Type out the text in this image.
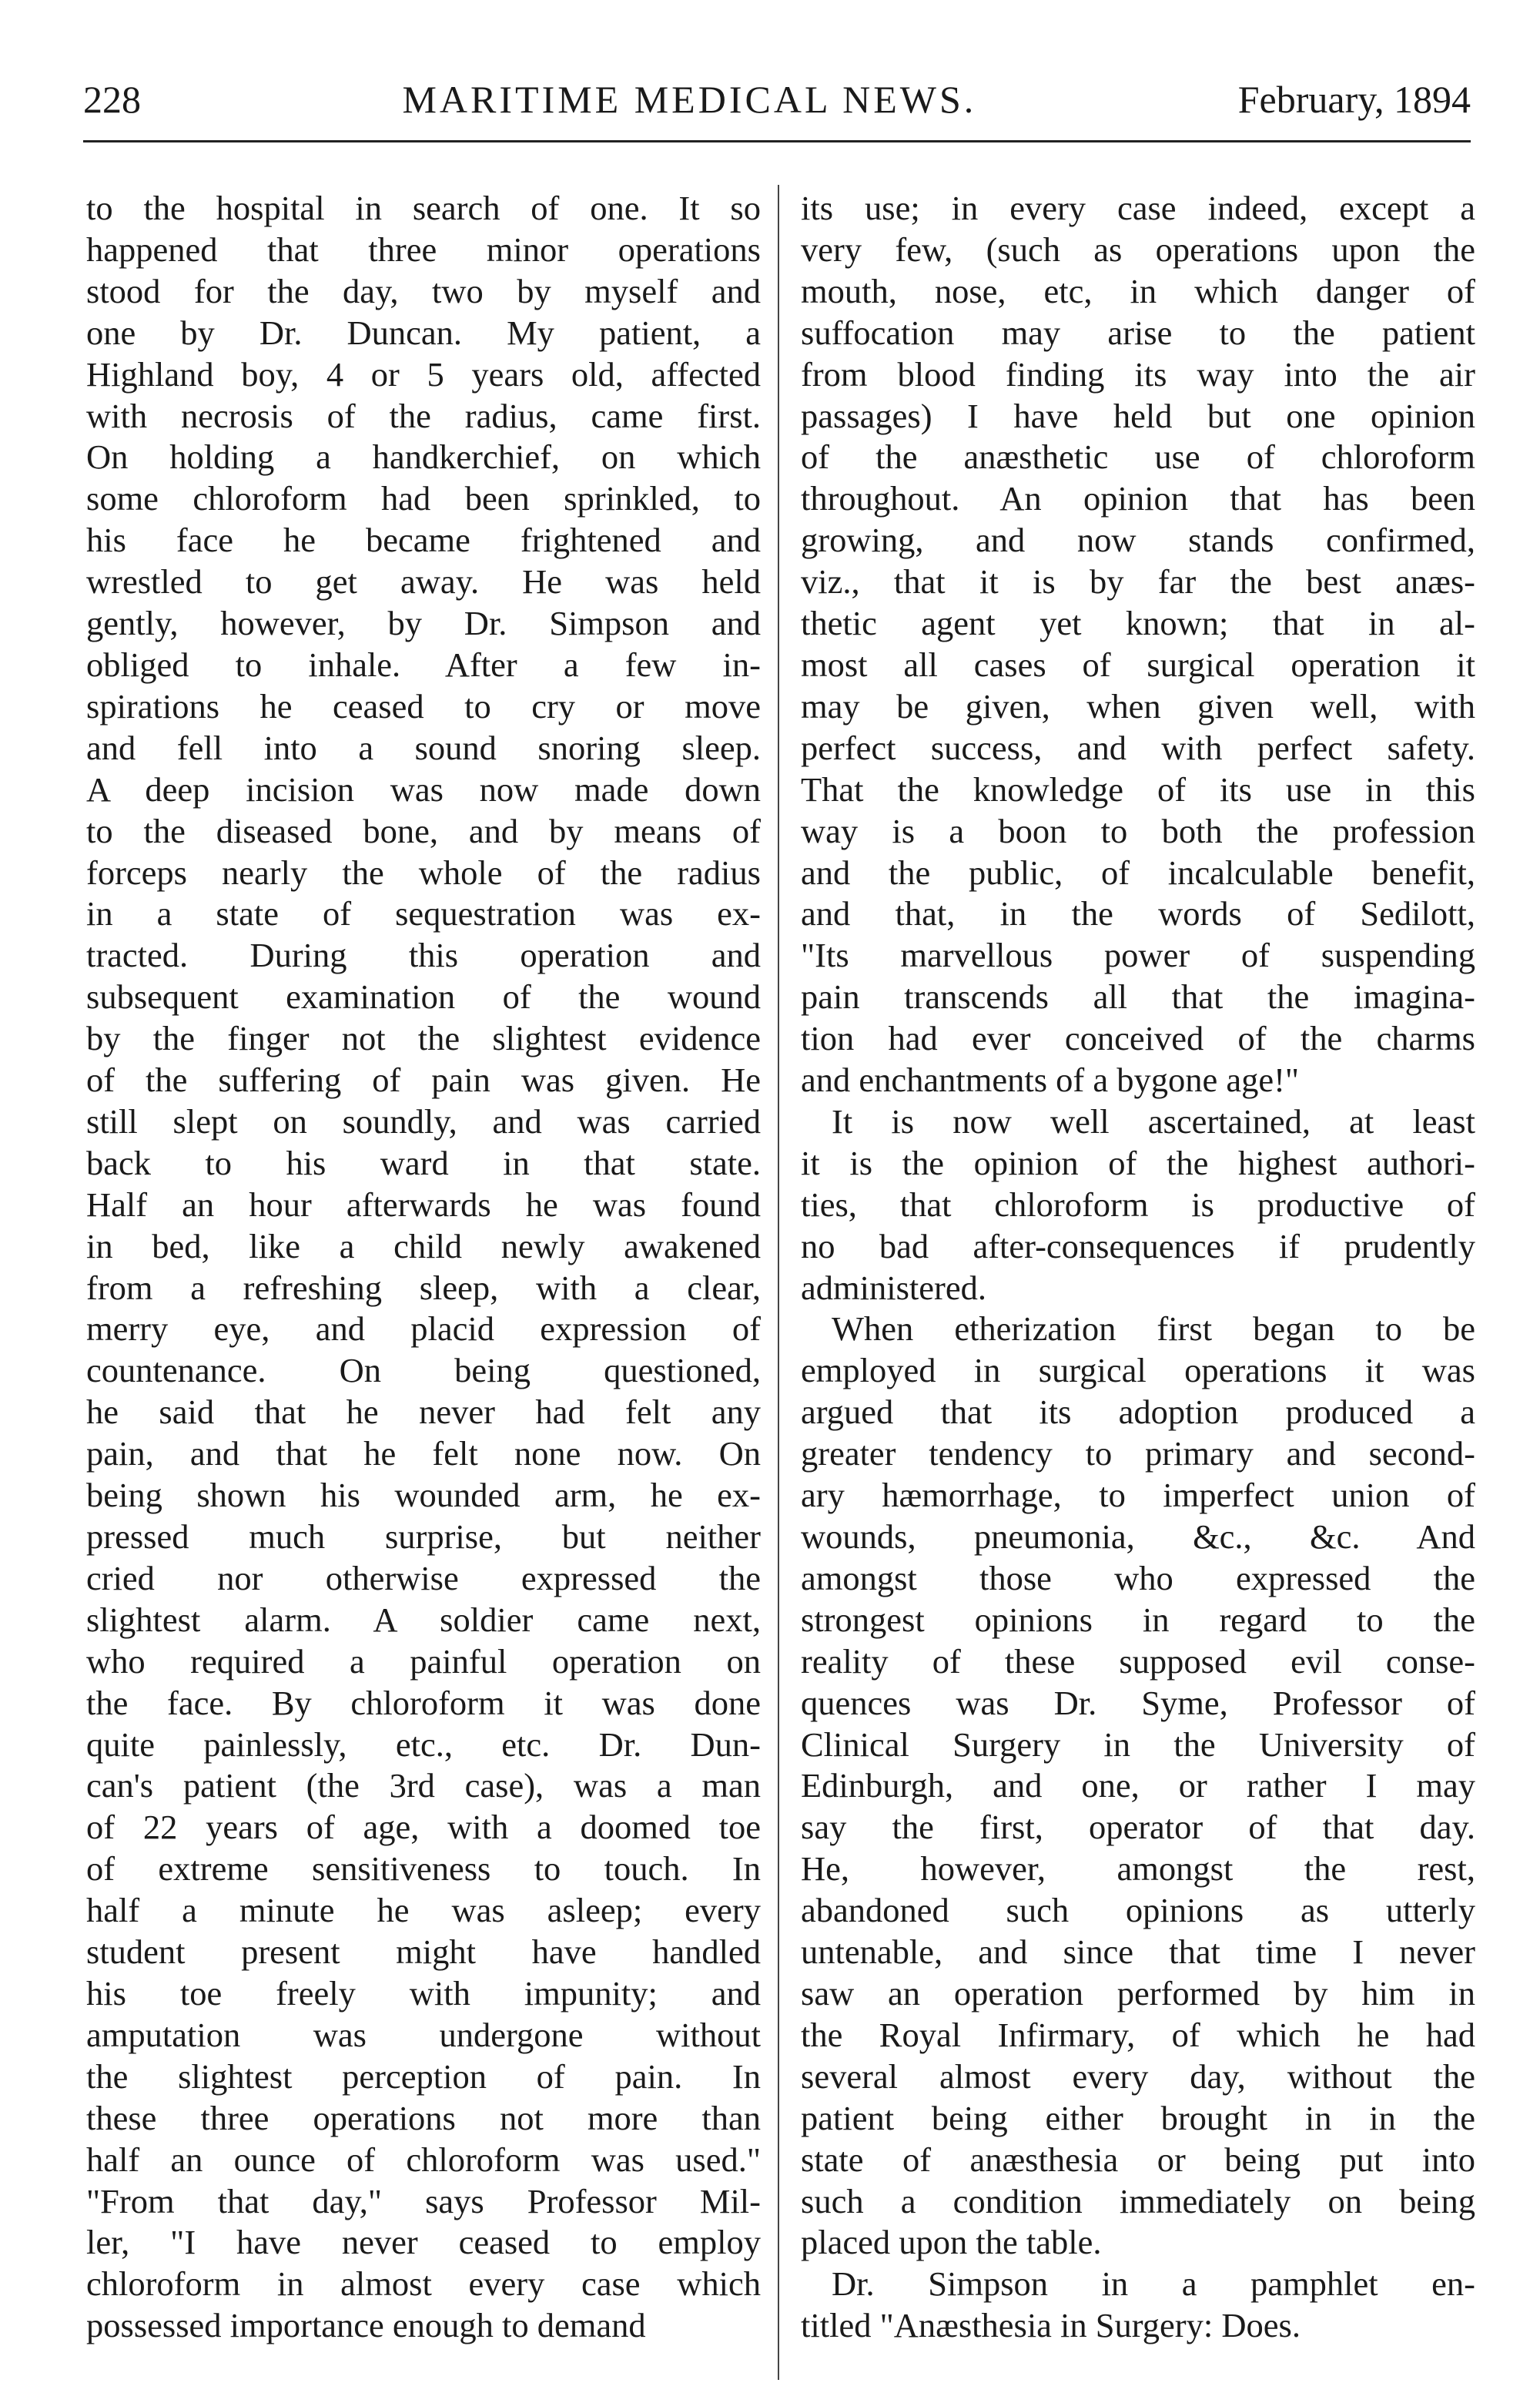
228	MARITIME MEDICAL NEWS.	February, 1894
to the hospital in search of one. It so
happened that three minor operations
stood for the day, two by myself and
one by Dr. Duncan. My patient, a
Highland boy, 4 or 5 years old, affected
with necrosis of the radius, came first.
On holding a handkerchief, on which
some chloroform had been sprinkled, to
his face he became frightened and
wrestled to get away. He was held
gently, however, by Dr. Simpson and
obliged to inhale. After a few in-
spirations he ceased to cry or move
and fell into a sound snoring sleep.
A deep incision was now made down
to the diseased bone, and by means of
forceps nearly the whole of the radius
in a state of sequestration was ex-
tracted. During this operation and
subsequent examination of the wound
by the finger not the slightest evidence
of the suffering of pain was given. He
still slept on soundly, and was carried
back to his ward in that state.
Half an hour afterwards he was found
in bed, like a child newly awakened
from a refreshing sleep, with a clear,
merry eye, and placid expression of
countenance. On being questioned,
he said that he never had felt any
pain, and that he felt none now. On
being shown his wounded arm, he ex-
pressed much surprise, but neither
cried nor otherwise expressed the
slightest alarm. A soldier came next,
who required a painful operation on
the face. By chloroform it was done
quite painlessly, etc., etc. Dr. Dun-
can's patient (the 3rd case), was a man
of 22 years of age, with a doomed toe
of extreme sensitiveness to touch. In
half a minute he was asleep; every
student present might have handled
his toe freely with impunity; and
amputation was undergone without
the slightest perception of pain. In
these three operations not more than
half an ounce of chloroform was used."
"From that day," says Professor Mil-
ler, "I have never ceased to employ
chloroform in almost every case which
possessed importance enough to demand
its use; in every case indeed, except a
very few, (such as operations upon the
mouth, nose, etc, in which danger of
suffocation may arise to the patient
from blood finding its way into the air
passages) I have held but one opinion
of the anæsthetic use of chloroform
throughout. An opinion that has been
growing, and now stands confirmed,
viz., that it is by far the best anæs-
thetic agent yet known; that in al-
most all cases of surgical operation it
may be given, when given well, with
perfect success, and with perfect safety.
That the knowledge of its use in this
way is a boon to both the profession
and the public, of incalculable benefit,
and that, in the words of Sedilott,
"Its marvellous power of suspending
pain transcends all that the imagina-
tion had ever conceived of the charms
and enchantments of a bygone age!"
It is now well ascertained, at least
it is the opinion of the highest authori-
ties, that chloroform is productive of
no bad after-consequences if prudently
administered.
When etherization first began to be
employed in surgical operations it was
argued that its adoption produced a
greater tendency to primary and second-
ary hæmorrhage, to imperfect union of
wounds, pneumonia, &c., &c. And
amongst those who expressed the
strongest opinions in regard to the
reality of these supposed evil conse-
quences was Dr. Syme, Professor of
Clinical Surgery in the University of
Edinburgh, and one, or rather I may
say the first, operator of that day.
He, however, amongst the rest,
abandoned such opinions as utterly
untenable, and since that time I never
saw an operation performed by him in
the Royal Infirmary, of which he had
several almost every day, without the
patient being either brought in in the
state of anæsthesia or being put into
such a condition immediately on being
placed upon the table.
Dr. Simpson in a pamphlet en-
titled "Anæsthesia in Surgery: Does.
